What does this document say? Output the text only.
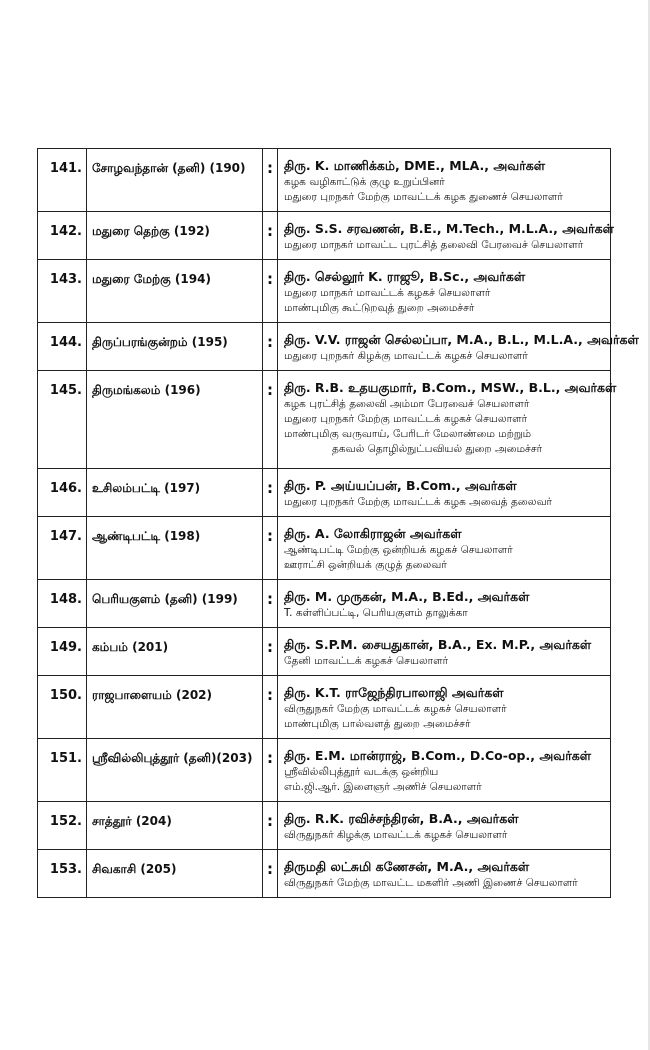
141.	சோழவந்தான் (தனி) (190)	:	திரு. K. மாணிக்கம், DME., MLA., அவர்கள்
கழக வழிகாட்டுக் குழு உறுப்பினர்
மதுரை புறநகர் மேற்கு மாவட்டக் கழக துணைச் செயலாளர்

142.	மதுரை தெற்கு (192)	:	திரு. S.S. சரவணன், B.E., M.Tech., M.L.A., அவர்கள்
மதுரை மாநகர் மாவட்ட புரட்சித் தலைவி பேரவைச் செயலாளர்

143.	மதுரை மேற்கு (194)	:	திரு. செல்லூர் K. ராஜூ, B.Sc., அவர்கள்
மதுரை மாநகர் மாவட்டக் கழகச் செயலாளர்
மாண்புமிகு கூட்டுறவுத் துறை அமைச்சர்

144.	திருப்பரங்குன்றம் (195)	:	திரு. V.V. ராஜன் செல்லப்பா, M.A., B.L., M.L.A., அவர்கள்
மதுரை புறநகர் கிழக்கு மாவட்டக் கழகச் செயலாளர்

145.	திருமங்கலம் (196)	:	திரு. R.B. உதயகுமார், B.Com., MSW., B.L., அவர்கள்
கழக புரட்சித் தலைவி அம்மா பேரவைச் செயலாளர்
மதுரை புறநகர் மேற்கு மாவட்டக் கழகச் செயலாளர்
மாண்புமிகு வருவாய், பேரிடர் மேலாண்மை மற்றும்
தகவல் தொழில்நுட்பவியல் துறை அமைச்சர்

146.	உசிலம்பட்டி (197)	:	திரு. P. அய்யப்பன், B.Com., அவர்கள்
மதுரை புறநகர் மேற்கு மாவட்டக் கழக அவைத் தலைவர்

147.	ஆண்டிபட்டி (198)	:	திரு. A. லோகிராஜன் அவர்கள்
ஆண்டிபட்டி மேற்கு ஒன்றியக் கழகச் செயலாளர்
ஊராட்சி ஒன்றியக் குழுத் தலைவர்

148.	பெரியகுளம் (தனி) (199)	:	திரு. M. முருகன், M.A., B.Ed., அவர்கள்
T. கள்ளிப்பட்டி, பெரியகுளம் தாலுக்கா

149.	கம்பம் (201)	:	திரு. S.P.M. சையதுகான், B.A., Ex. M.P., அவர்கள்
தேனி மாவட்டக் கழகச் செயலாளர்

150.	ராஜபாளையம் (202)	:	திரு. K.T. ராஜேந்திரபாலாஜி அவர்கள்
விருதுநகர் மேற்கு மாவட்டக் கழகச் செயலாளர்
மாண்புமிகு பால்வளத் துறை அமைச்சர்

151.	ஸ்ரீவில்லிபுத்தூர் (தனி)(203)	:	திரு. E.M. மான்ராஜ், B.Com., D.Co-op., அவர்கள்
ஸ்ரீவில்லிபுத்தூர் வடக்கு ஒன்றிய
எம்.ஜி.ஆர். இளைஞர் அணிச் செயலாளர்

152.	சாத்தூர் (204)	:	திரு. R.K. ரவிச்சந்திரன், B.A., அவர்கள்
விருதுநகர் கிழக்கு மாவட்டக் கழகச் செயலாளர்

153.	சிவகாசி (205)	:	திருமதி லட்சுமி கணேசன், M.A., அவர்கள்
விருதுநகர் மேற்கு மாவட்ட மகளிர் அணி இணைச் செயலாளர்
